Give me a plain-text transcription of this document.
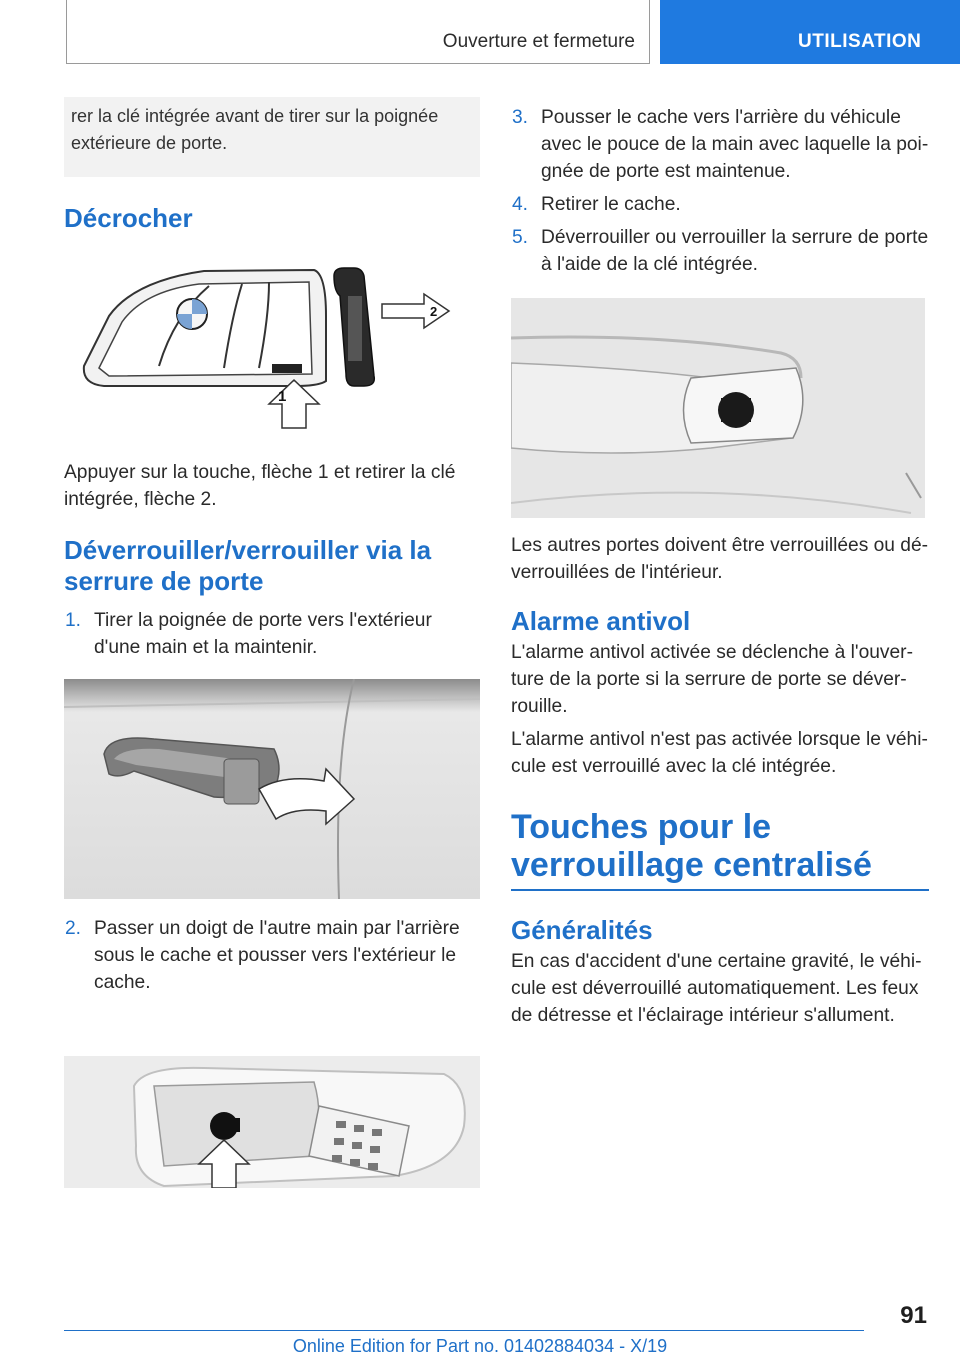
Ouverture et fermeture	UTILISATION
rer la clé intégrée avant de tirer sur la poignée extérieure de porte.
Décrocher
2
1

Appuyer sur la touche, flèche 1 et retirer la clé intégrée, flèche 2.

Déverrouiller/verrouiller via la serrure de porte
1. Tirer la poignée de porte vers l'extérieur d'une main et la maintenir.
2. Passer un doigt de l'autre main par l'arrière sous le cache et pousser vers l'extérieur le cache.
3. Pousser le cache vers l'arrière du véhicule avec le pouce de la main avec laquelle la poignée de porte est maintenue.
4. Retirer le cache.
5. Déverrouiller ou verrouiller la serrure de porte à l'aide de la clé intégrée.

Les autres portes doivent être verrouillées ou déverrouillées de l'intérieur.

Alarme antivol

L'alarme antivol activée se déclenche à l'ouverture de la porte si la serrure de porte se déverrouille.

L'alarme antivol n'est pas activée lorsque le véhicule est verrouillé avec la clé intégrée.

Touches pour le verrouillage centralisé
Généralités

En cas d'accident d'une certaine gravité, le véhicule est déverrouillé automatiquement. Les feux de détresse et l'éclairage intérieur s'allument.

91
Online Edition for Part no. 01402884034 - X/19
